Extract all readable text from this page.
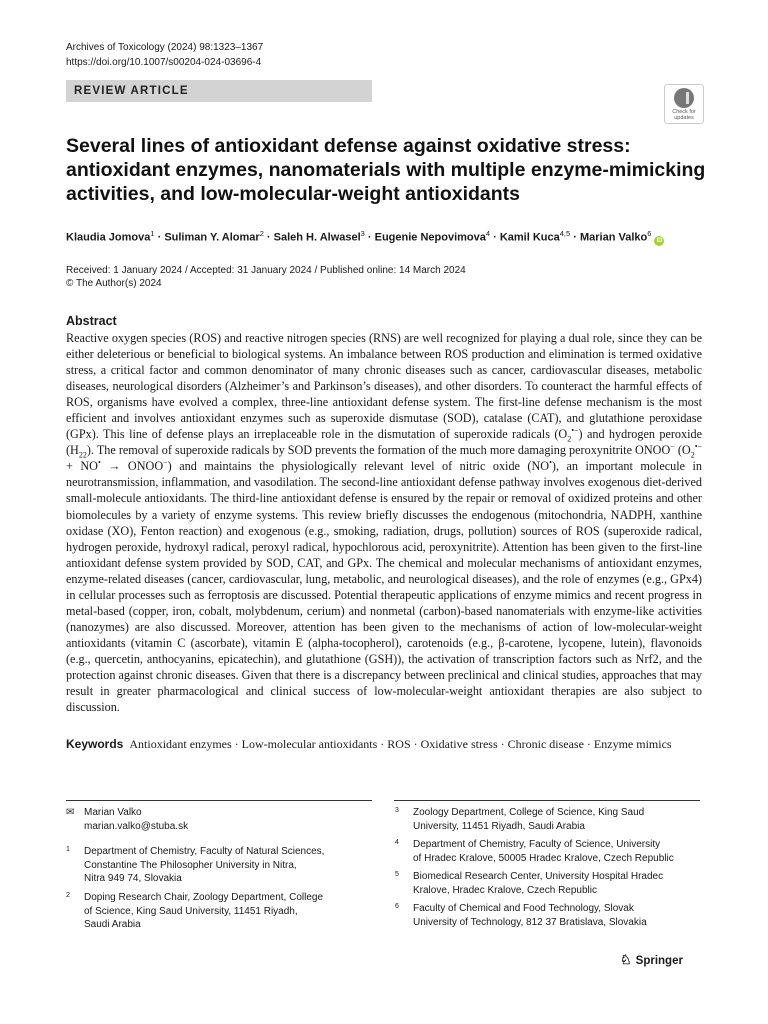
Archives of Toxicology (2024) 98:1323–1367
https://doi.org/10.1007/s00204-024-03696-4
REVIEW ARTICLE
Check for
updates
Several lines of antioxidant defense against oxidative stress: antioxidant enzymes, nanomaterials with multiple enzyme-mimicking activities, and low-molecular-weight antioxidants
Klaudia Jomova$^1$ · Suliman Y. Alomar$^2$ · Saleh H. Alwasel$^3$ · Eugenie Nepovimova$^4$ · Kamil Kuca$^{4,5}$ · Marian Valko$^6$ iD
Received: 1 January 2024 / Accepted: 31 January 2024 / Published online: 14 March 2024
© The Author(s) 2024
Abstract

Reactive oxygen species (ROS) and reactive nitrogen species (RNS) are well recognized for playing a dual role, since they can be either deleterious or beneficial to biological systems. An imbalance between ROS production and elimination is termed oxidative stress, a critical factor and common denominator of many chronic diseases such as cancer, cardiovascular diseases, metabolic diseases, neurological disorders (Alzheimer’s and Parkinson’s diseases), and other disorders. To counteract the harmful effects of ROS, organisms have evolved a complex, three-line antioxidant defense system. The first-line defense mechanism is the most efficient and involves antioxidant enzymes such as superoxide dismutase (SOD), catalase (CAT), and glutathione peroxidase (GPx). This line of defense plays an irreplaceable role in the dismutation of superoxide radicals $(O_2^{•-})$ and hydrogen peroxide $(H_{22})$. The removal of superoxide radicals by SOD prevents the formation of the much more damaging peroxynitrite ONOO− ($O_2^{•-} + NO^•$ → ONOO−) and maintains the physiologically relevant level of nitric oxide (NO•), an important molecule in neurotransmission, inflammation, and vasodilation. The second-line antioxidant defense pathway involves exogenous diet-derived small-molecule antioxidants. The third-line antioxidant defense is ensured by the repair or removal of oxidized proteins and other biomolecules by a variety of enzyme systems. This review briefly discusses the endogenous (mitochondria, NADPH, xanthine oxidase (XO), Fenton reaction) and exogenous (e.g., smoking, radiation, drugs, pollution) sources of ROS (superoxide radical, hydrogen peroxide, hydroxyl radical, peroxyl radical, hypochlorous acid, peroxynitrite). Attention has been given to the first-line antioxidant defense system provided by SOD, CAT, and GPx. The chemical and molecular mechanisms of antioxidant enzymes, enzyme-related diseases (cancer, cardiovascular, lung, metabolic, and neurological diseases), and the role of enzymes (e.g., GPx4) in cellular processes such as ferroptosis are discussed. Potential therapeutic applications of enzyme mimics and recent progress in metal-based (copper, iron, cobalt, molybdenum, cerium) and nonmetal (carbon)-based nanomaterials with enzyme-like activities (nanozymes) are also discussed. Moreover, attention has been given to the mechanisms of action of low-molecular-weight antioxidants (vitamin C (ascorbate), vitamin E (alpha-tocopherol), carotenoids (e.g., β-carotene, lycopene, lutein), flavonoids (e.g., quercetin, anthocyanins, epicatechin), and glutathione (GSH)), the activation of transcription factors such as Nrf2, and the protection against chronic diseases. Given that there is a discrepancy between preclinical and clinical studies, approaches that may result in greater pharmacological and clinical success of low-molecular-weight antioxidant therapies are also subject to discussion.

Keywords Antioxidant enzymes · Low-molecular antioxidants · ROS · Oxidative stress · Chronic disease · Enzyme mimics
✉ Marian Valko
marian.valko@stuba.sk
1 Department of Chemistry, Faculty of Natural Sciences,
Constantine The Philosopher University in Nitra,
Nitra 949 74, Slovakia
2 Doping Research Chair, Zoology Department, College
of Science, King Saud University, 11451 Riyadh,
Saudi Arabia
3 Zoology Department, College of Science, King Saud
University, 11451 Riyadh, Saudi Arabia
4 Department of Chemistry, Faculty of Science, University
of Hradec Kralove, 50005 Hradec Kralove, Czech Republic
5 Biomedical Research Center, University Hospital Hradec
Kralove, Hradec Kralove, Czech Republic
6 Faculty of Chemical and Food Technology, Slovak
University of Technology, 812 37 Bratislava, Slovakia
♘ Springer
